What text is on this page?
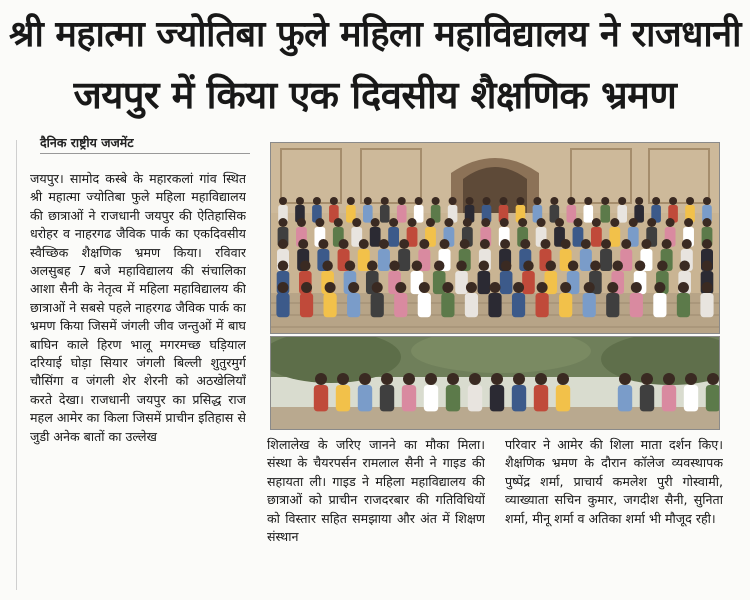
श्री महात्मा ज्योतिबा फुले महिला महाविद्यालय ने राजधानी
जयपुर में किया एक दिवसीय शैक्षणिक भ्रमण
दैनिक राष्ट्रीय जजमेंट
जयपुर। सामोद कस्बे के महारकलां गांव स्थित श्री महात्मा ज्योतिबा फुले महिला महाविद्यालय की छात्राओं ने राजधानी जयपुर की ऐतिहासिक धरोहर व नाहरगढ जैविक पार्क का एकदिवसीय स्वैच्छिक शैक्षणिक भ्रमण किया। रविवार अलसुबह 7 बजे महाविद्यालय की संचालिका आशा सैनी के नेतृत्व में महिला महाविद्यालय की छात्राओं ने सबसे पहले नाहरगढ जैविक पार्क का भ्रमण किया जिसमें जंगली जीव जन्तुओं में बाघ बाघिन काले हिरण भालू मगरमच्छ घड़ियाल दरियाई घोड़ा सियार जंगली बिल्ली शुतुरमुर्ग चौसिंगा व जंगली शेर शेरनी को अठखेलियाँ करते देखा। राजधानी जयपुर का प्रसिद्ध राज महल आमेर का किला जिसमें प्राचीन इतिहास से जुडी अनेक बातों का उल्लेख
शिलालेख के जरिए जानने का मौका मिला। संस्था के चैयरपर्सन रामलाल सैनी ने गाइड की सहायता ली। गाइड ने महिला महाविद्यालय की छात्राओं को प्राचीन राजदरबार की गतिविधियों को विस्तार सहित समझाया और अंत में शिक्षण संस्थान
परिवार ने आमेर की शिला माता दर्शन किए। शैक्षणिक भ्रमण के दौरान कॉलेज व्यवस्थापक पुष्पेंद्र शर्मा, प्राचार्य कमलेश पुरी गोस्वामी, व्याख्याता सचिन कुमार, जगदीश सैनी, सुनिता शर्मा, मीनू शर्मा व अतिका शर्मा भी मौजूद रही।
